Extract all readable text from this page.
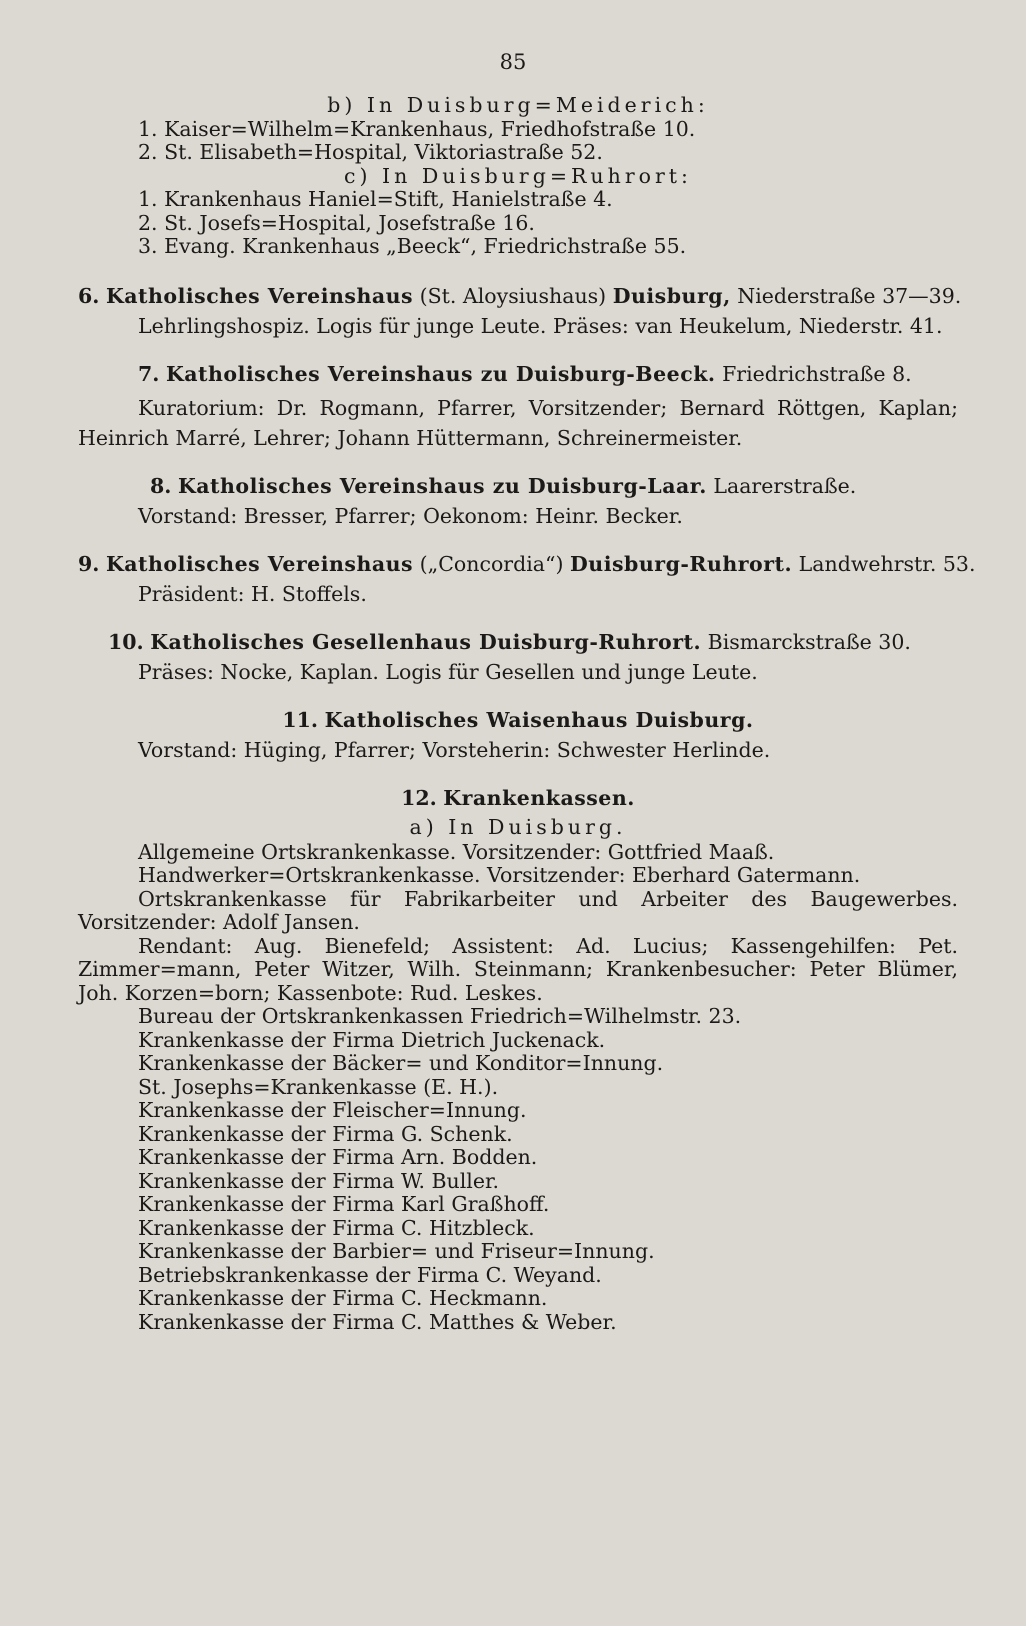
85
b) In Duisburg=Meiderich:
1. Kaiser=Wilhelm=Krankenhaus, Friedhofstraße 10.
2. St. Elisabeth=Hospital, Viktoriastraße 52.
c) In Duisburg=Ruhrort:
1. Krankenhaus Haniel=Stift, Hanielstraße 4.
2. St. Josefs=Hospital, Josefstraße 16.
3. Evang. Krankenhaus „Beeck“, Friedrichstraße 55.
6. Katholisches Vereinshaus (St. Aloysiushaus) Duisburg, Niederstraße 37—39.
Lehrlingshospiz. Logis für junge Leute. Präses: van Heukelum, Niederstr. 41.
7. Katholisches Vereinshaus zu Duisburg-Beeck. Friedrichstraße 8.
Kuratorium: Dr. Rogmann, Pfarrer, Vorsitzender; Bernard Röttgen, Kaplan; Heinrich Marré, Lehrer; Johann Hüttermann, Schreinermeister.
8. Katholisches Vereinshaus zu Duisburg-Laar. Laarerstraße.
Vorstand: Bresser, Pfarrer; Oekonom: Heinr. Becker.
9. Katholisches Vereinshaus („Concordia“) Duisburg-Ruhrort. Landwehrstr. 53.
Präsident: H. Stoffels.
10. Katholisches Gesellenhaus Duisburg-Ruhrort. Bismarckstraße 30.
Präses: Nocke, Kaplan. Logis für Gesellen und junge Leute.
11. Katholisches Waisenhaus Duisburg.
Vorstand: Hüging, Pfarrer; Vorsteherin: Schwester Herlinde.
12. Krankenkassen.
a) In Duisburg.
Allgemeine Ortskrankenkasse. Vorsitzender: Gottfried Maaß.
Handwerker=Ortskrankenkasse. Vorsitzender: Eberhard Gatermann.
Ortskrankenkasse für Fabrikarbeiter und Arbeiter des Baugewerbes. Vorsitzender: Adolf Jansen.
Rendant: Aug. Bienefeld; Assistent: Ad. Lucius; Kassengehilfen: Pet. Zimmer=mann, Peter Witzer, Wilh. Steinmann; Krankenbesucher: Peter Blümer, Joh. Korzen=born; Kassenbote: Rud. Leskes.
Bureau der Ortskrankenkassen Friedrich=Wilhelmstr. 23.
Krankenkasse der Firma Dietrich Juckenack.
Krankenkasse der Bäcker= und Konditor=Innung.
St. Josephs=Krankenkasse (E. H.).
Krankenkasse der Fleischer=Innung.
Krankenkasse der Firma G. Schenk.
Krankenkasse der Firma Arn. Bodden.
Krankenkasse der Firma W. Buller.
Krankenkasse der Firma Karl Graßhoff.
Krankenkasse der Firma C. Hitzbleck.
Krankenkasse der Barbier= und Friseur=Innung.
Betriebskrankenkasse der Firma C. Weyand.
Krankenkasse der Firma C. Heckmann.
Krankenkasse der Firma C. Matthes & Weber.
